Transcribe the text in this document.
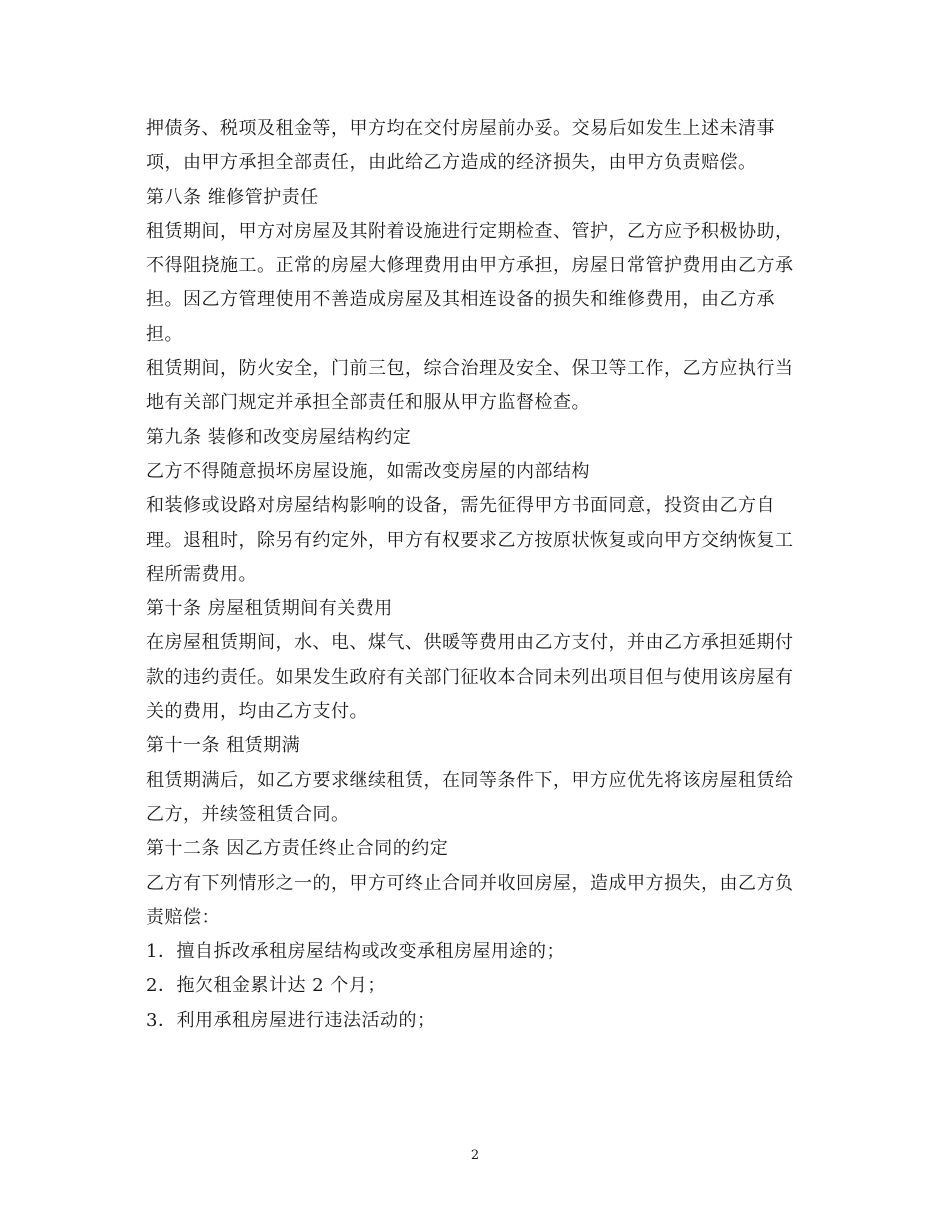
押债务、税项及租金等，甲方均在交付房屋前办妥。交易后如发生上述未清事

项，由甲方承担全部责任，由此给乙方造成的经济损失，由甲方负责赔偿。

第八条 维修管护责任

租赁期间，甲方对房屋及其附着设施进行定期检查、管护，乙方应予积极协助，

不得阻挠施工。正常的房屋大修理费用由甲方承担，房屋日常管护费用由乙方承

担。因乙方管理使用不善造成房屋及其相连设备的损失和维修费用，由乙方承

担。

租赁期间，防火安全，门前三包，综合治理及安全、保卫等工作，乙方应执行当

地有关部门规定并承担全部责任和服从甲方监督检查。

第九条 装修和改变房屋结构约定

乙方不得随意损坏房屋设施，如需改变房屋的内部结构

和装修或设路对房屋结构影响的设备，需先征得甲方书面同意，投资由乙方自

理。退租时，除另有约定外，甲方有权要求乙方按原状恢复或向甲方交纳恢复工

程所需费用。

第十条 房屋租赁期间有关费用

在房屋租赁期间，水、电、煤气、供暖等费用由乙方支付，并由乙方承担延期付

款的违约责任。如果发生政府有关部门征收本合同未列出项目但与使用该房屋有

关的费用，均由乙方支付。

第十一条 租赁期满

租赁期满后，如乙方要求继续租赁，在同等条件下，甲方应优先将该房屋租赁给

乙方，并续签租赁合同。

第十二条 因乙方责任终止合同的约定

乙方有下列情形之一的，甲方可终止合同并收回房屋，造成甲方损失，由乙方负

责赔偿：

1．擅自拆改承租房屋结构或改变承租房屋用途的；

2．拖欠租金累计达 2 个月；

3．利用承租房屋进行违法活动的；

2
